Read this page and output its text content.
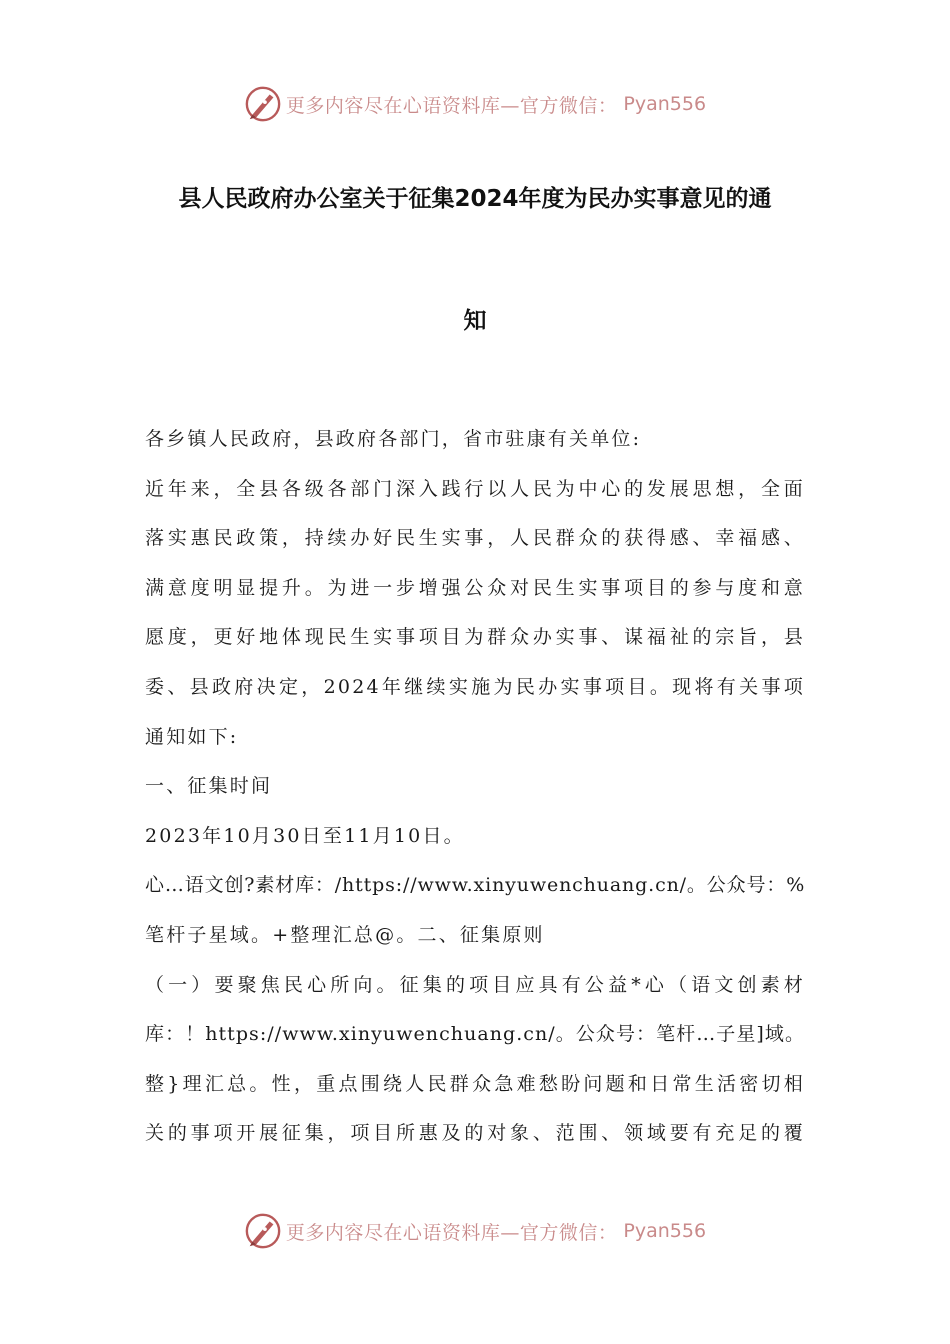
更多内容尽在心语资料库—官方微信： Pyan556
县人民政府办公室关于征集2024年度为民办实事意见的通
知
各乡镇人民政府，县政府各部门，省市驻康有关单位:
近年来，全县各级各部门深入践行以人民为中心的发展思想，全面
落实惠民政策，持续办好民生实事，人民群众的获得感、幸福感、
满意度明显提升。为进一步增强公众对民生实事项目的参与度和意
愿度，更好地体现民生实事项目为群众办实事、谋福祉的宗旨，县
委、县政府决定，2024年继续实施为民办实事项目。现将有关事项
通知如下:
一、征集时间
2023年10月30日至11月10日。
心…语文创?素材库：/https://www.xinyuwenchuang.cn/。公众号：%
笔杆子星域。+整理汇总@。二、征集原则
（一）要聚焦民心所向。征集的项目应具有公益*心（语文创素材
库：！https://www.xinyuwenchuang.cn/。公众号：笔杆…子星]域。
整}理汇总。性，重点围绕人民群众急难愁盼问题和日常生活密切相
关的事项开展征集，项目所惠及的对象、范围、领域要有充足的覆
更多内容尽在心语资料库—官方微信： Pyan556
